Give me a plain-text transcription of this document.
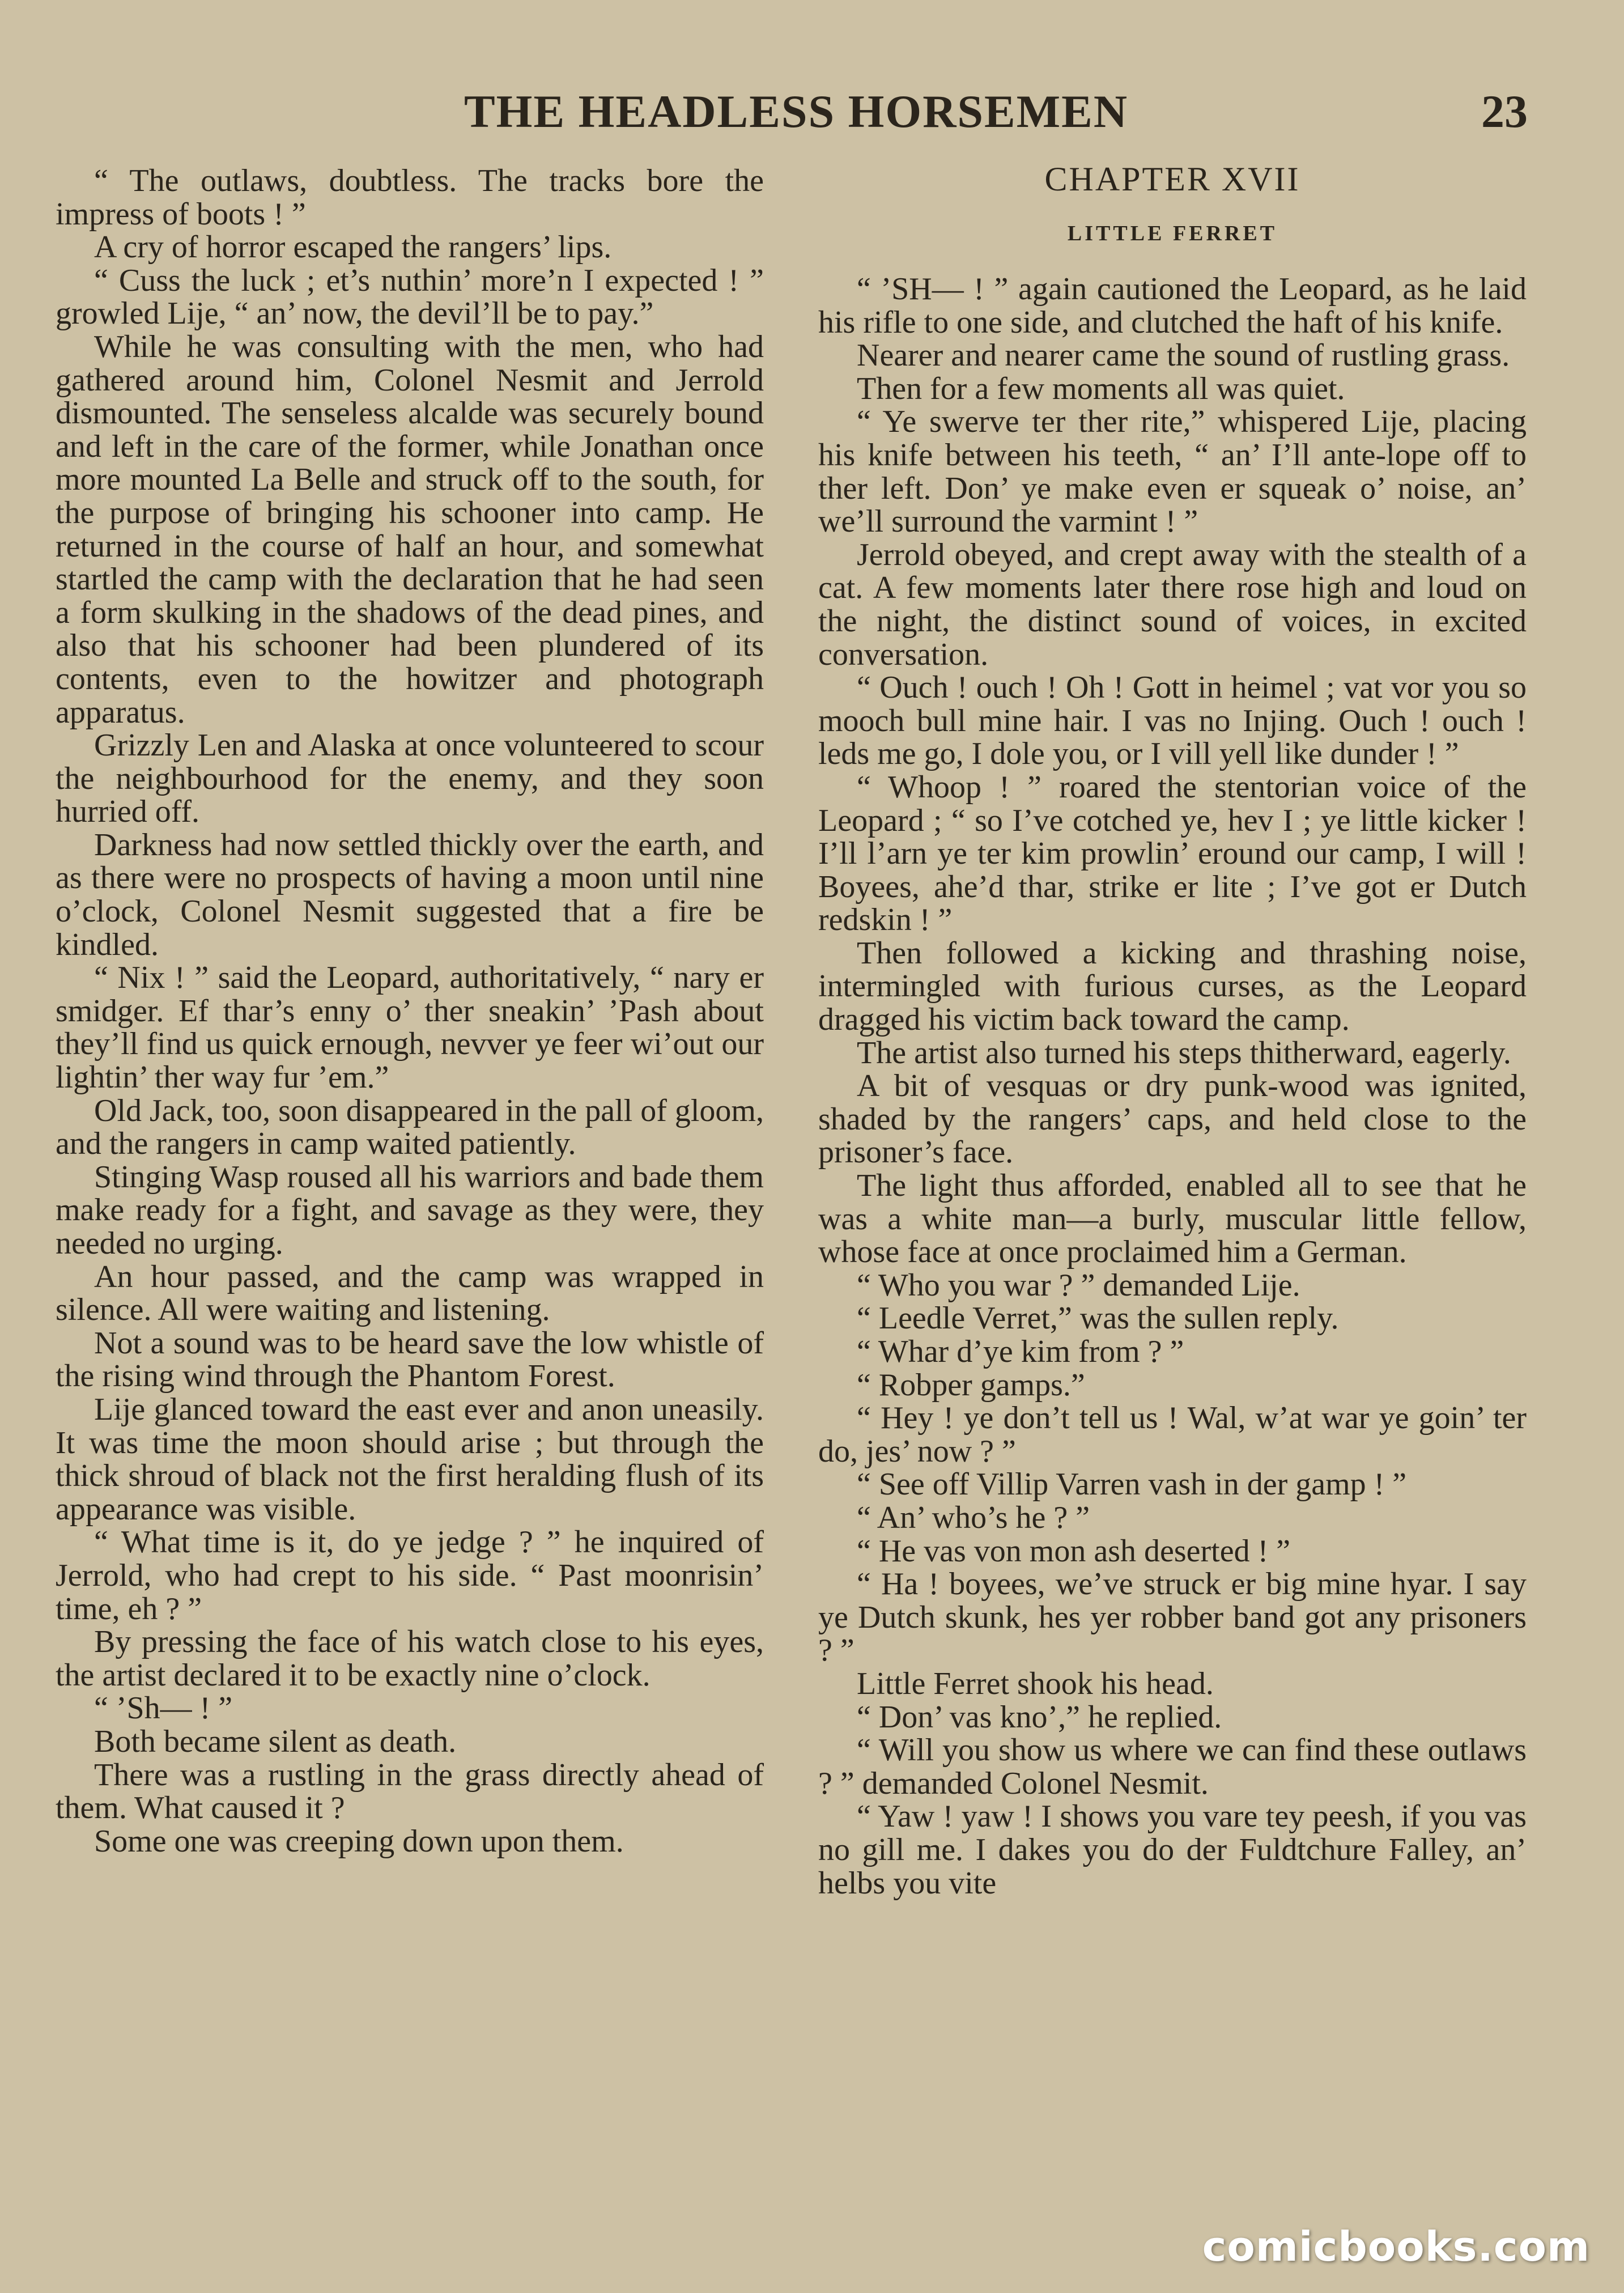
THE HEADLESS HORSEMEN	23

“ The outlaws, doubtless. The tracks bore the impress of boots ! ”

A cry of horror escaped the rangers’ lips.

“ Cuss the luck ; et’s nuthin’ more’n I expected ! ” growled Lije, “ an’ now, the devil’ll be to pay.”

While he was consulting with the men, who had gathered around him, Colonel Nesmit and Jerrold dismounted. The senseless alcalde was securely bound and left in the care of the former, while Jonathan once more mounted La Belle and struck off to the south, for the purpose of bringing his schooner into camp. He returned in the course of half an hour, and somewhat startled the camp with the declaration that he had seen a form skulking in the shadows of the dead pines, and also that his schooner had been plundered of its contents, even to the howitzer and photograph apparatus.

Grizzly Len and Alaska at once volunteered to scour the neighbourhood for the enemy, and they soon hurried off.

Darkness had now settled thickly over the earth, and as there were no prospects of having a moon until nine o’clock, Colonel Nesmit suggested that a fire be kindled.

“ Nix ! ” said the Leopard, authoritatively, “ nary er smidger. Ef thar’s enny o’ ther sneakin’ ’Pash about they’ll find us quick ernough, nevver ye feer wi’out our lightin’ ther way fur ’em.”

Old Jack, too, soon disappeared in the pall of gloom, and the rangers in camp waited patiently.

Stinging Wasp roused all his warriors and bade them make ready for a fight, and savage as they were, they needed no urging.

An hour passed, and the camp was wrapped in silence. All were waiting and listening.

Not a sound was to be heard save the low whistle of the rising wind through the Phantom Forest.

Lije glanced toward the east ever and anon uneasily. It was time the moon should arise ; but through the thick shroud of black not the first heralding flush of its appearance was visible.

“ What time is it, do ye jedge ? ” he inquired of Jerrold, who had crept to his side. “ Past moonrisin’ time, eh ? ”

By pressing the face of his watch close to his eyes, the artist declared it to be exactly nine o’clock.

“ ’Sh— ! ”

Both became silent as death.

There was a rustling in the grass directly ahead of them. What caused it ?

Some one was creeping down upon them.

CHAPTER XVII
LITTLE FERRET

“ ’SH— ! ” again cautioned the Leopard, as he laid his rifle to one side, and clutched the haft of his knife.

Nearer and nearer came the sound of rustling grass.

Then for a few moments all was quiet.

“ Ye swerve ter ther rite,” whispered Lije, placing his knife between his teeth, “ an’ I’ll ante-lope off to ther left. Don’ ye make even er squeak o’ noise, an’ we’ll surround the varmint ! ”

Jerrold obeyed, and crept away with the stealth of a cat. A few moments later there rose high and loud on the night, the distinct sound of voices, in excited conversation.

“ Ouch ! ouch ! Oh ! Gott in heimel ; vat vor you so mooch bull mine hair. I vas no Injing. Ouch ! ouch ! leds me go, I dole you, or I vill yell like dunder ! ”

“ Whoop ! ” roared the stentorian voice of the Leopard ; “ so I’ve cotched ye, hev I ; ye little kicker ! I’ll l’arn ye ter kim prowlin’ eround our camp, I will ! Boyees, ahe’d thar, strike er lite ; I’ve got er Dutch redskin ! ”

Then followed a kicking and thrashing noise, intermingled with furious curses, as the Leopard dragged his victim back toward the camp.

The artist also turned his steps thitherward, eagerly.

A bit of vesquas or dry punk-wood was ignited, shaded by the rangers’ caps, and held close to the prisoner’s face.

The light thus afforded, enabled all to see that he was a white man—a burly, muscular little fellow, whose face at once proclaimed him a German.

“ Who you war ? ” demanded Lije.

“ Leedle Verret,” was the sullen reply.

“ Whar d’ye kim from ? ”

“ Robper gamps.”

“ Hey ! ye don’t tell us ! Wal, w’at war ye goin’ ter do, jes’ now ? ”

“ See off Villip Varren vash in der gamp ! ”

“ An’ who’s he ? ”

“ He vas von mon ash deserted ! ”

“ Ha ! boyees, we’ve struck er big mine hyar. I say ye Dutch skunk, hes yer robber band got any prisoners ? ”

Little Ferret shook his head.

“ Don’ vas kno’,” he replied.

“ Will you show us where we can find these outlaws ? ” demanded Colonel Nesmit.

“ Yaw ! yaw ! I shows you vare tey peesh, if you vas no gill me. I dakes you do der Fuldtchure Falley, an’ helbs you vite

comicbooks.com
